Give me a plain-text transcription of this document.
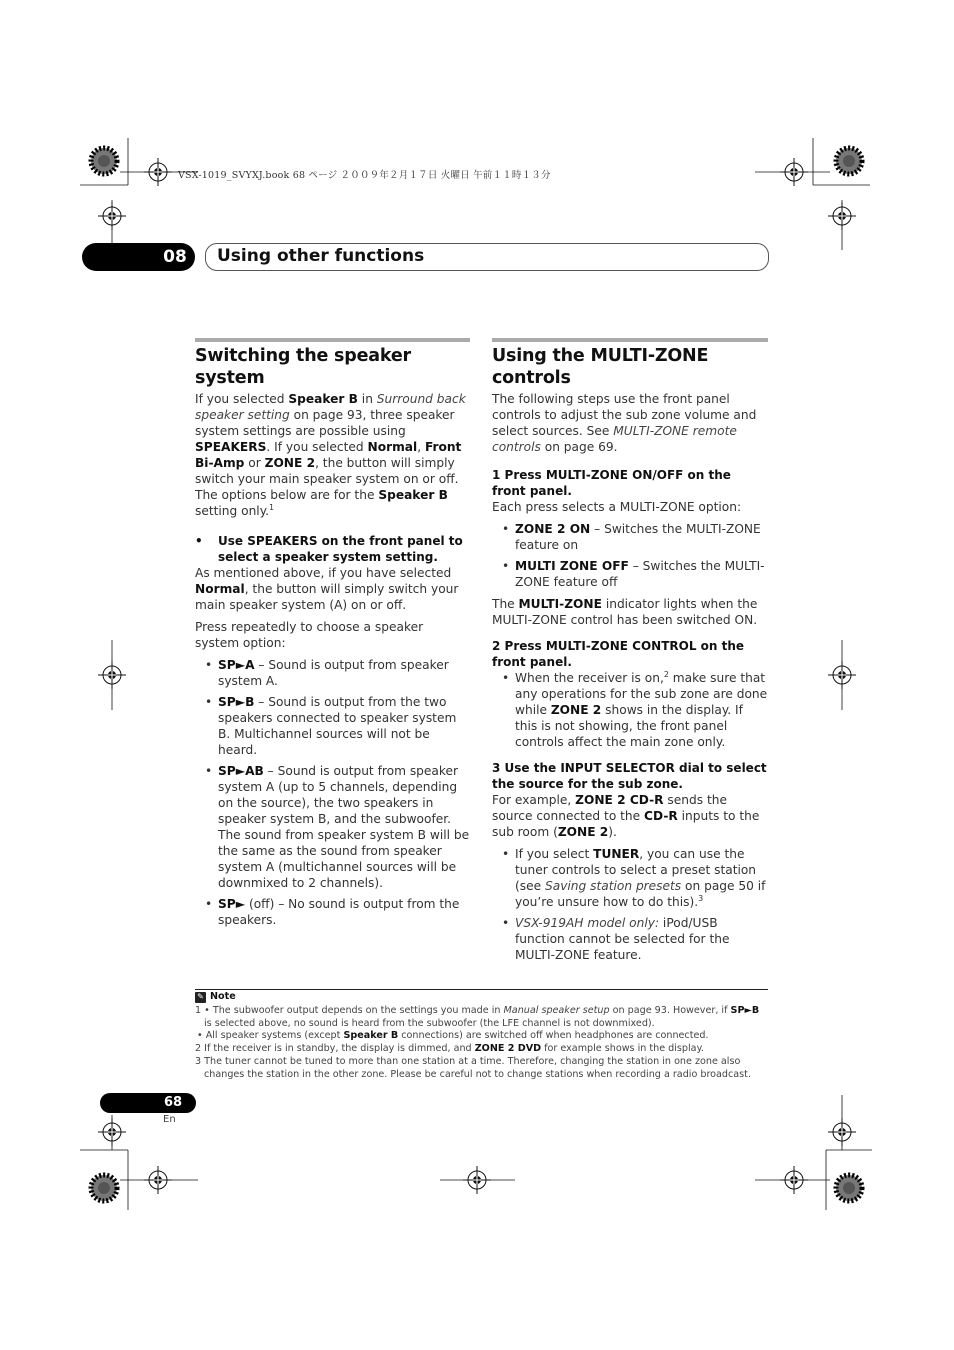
VSX-1019_SVYXJ.book 68 ページ ２００９年２月１７日 火曜日 午前１１時１３分
08 Using other functions
Switching the speaker system

If you selected Speaker B in Surround back speaker setting on page 93, three speaker system settings are possible using SPEAKERS. If you selected Normal, Front Bi-Amp or ZONE 2, the button will simply switch your main speaker system on or off. The options below are for the Speaker B setting only.$^1$

•	Use SPEAKERS on the front panel to select a speaker system setting.

As mentioned above, if you have selected Normal, the button will simply switch your main speaker system (A) on or off.

Press repeatedly to choose a speaker system option:

• SP►A – Sound is output from speaker system A.
• SP►B – Sound is output from the two speakers connected to speaker system B. Multichannel sources will not be heard.
• SP►AB – Sound is output from speaker system A (up to 5 channels, depending on the source), the two speakers in speaker system B, and the subwoofer. The sound from speaker system B will be the same as the sound from speaker system A (multichannel sources will be downmixed to 2 channels).
• SP► (off) – No sound is output from the speakers.
Using the MULTI-ZONE controls

The following steps use the front panel controls to adjust the sub zone volume and select sources. See MULTI-ZONE remote controls on page 69.

1 Press MULTI-ZONE ON/OFF on the front panel.

Each press selects a MULTI-ZONE option:

• ZONE 2 ON – Switches the MULTI-ZONE feature on
• MULTI ZONE OFF – Switches the MULTI-ZONE feature off

The MULTI-ZONE indicator lights when the MULTI-ZONE control has been switched ON.

2 Press MULTI-ZONE CONTROL on the front panel.
• When the receiver is on,$^2$ make sure that any operations for the sub zone are done while ZONE 2 shows in the display. If this is not showing, the front panel controls affect the main zone only.
3 Use the INPUT SELECTOR dial to select the source for the sub zone.

For example, ZONE 2 CD-R sends the source connected to the CD-R inputs to the sub room (ZONE 2).

• If you select TUNER, you can use the tuner controls to select a preset station (see Saving station presets on page 50 if you’re unsure how to do this).$^3$
• VSX-919AH model only: iPod/USB function cannot be selected for the MULTI-ZONE feature.
✎ Note

1 • The subwoofer output depends on the settings you made in Manual speaker setup on page 93. However, if SP►B is selected above, no sound is heard from the subwoofer (the LFE channel is not downmixed).

• All speaker systems (except Speaker B connections) are switched off when headphones are connected.

2 If the receiver is in standby, the display is dimmed, and ZONE 2 DVD for example shows in the display.

3 The tuner cannot be tuned to more than one station at a time. Therefore, changing the station in one zone also changes the station in the other zone. Please be careful not to change stations when recording a radio broadcast.

68
En
